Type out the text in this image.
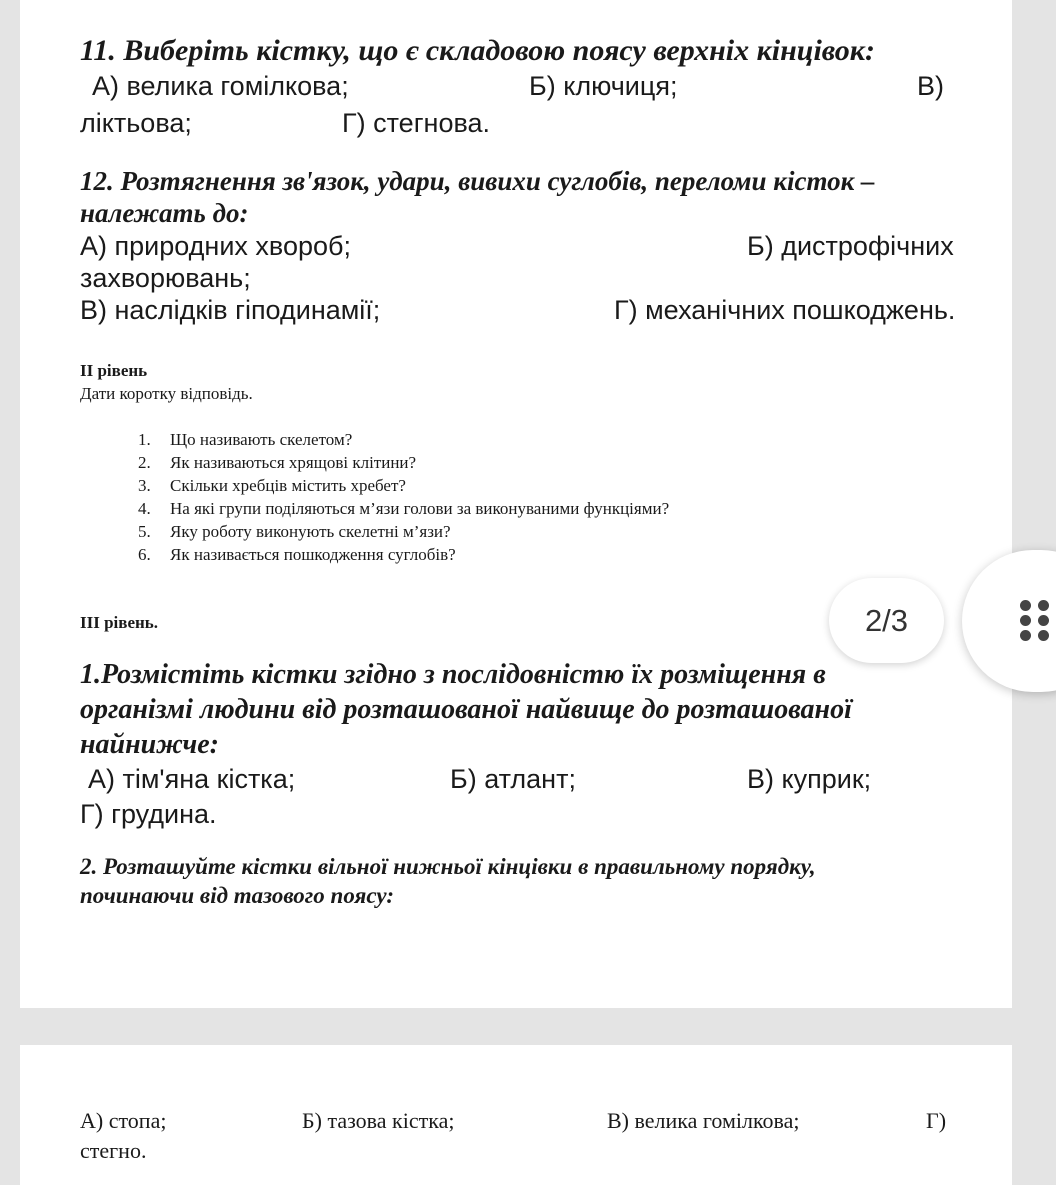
11. Виберіть кістку, що є складовою поясу верхніх кінцівок:
А) велика гомілкова;	Б) ключиця;	В)
ліктьова;	Г) стегнова.
12. Розтягнення зв'язок, удари, вивихи суглобів, переломи кісток –
належать до:
А) природних хвороб;	Б) дистрофічних
захворювань;
В) наслідків гіподинамії;	Г) механічних пошкоджень.
ІІ рівень
Дати коротку відповідь.
1. Що називають скелетом?
2. Як називаються хрящові клітини?
3. Скільки хребців містить хребет?
4. На які групи поділяються м’язи голови за виконуваними функціями?
5. Яку роботу виконують скелетні м’язи?
6. Як називається пошкодження суглобів?
ІІІ рівень.
1.Розмістіть кістки згідно з послідовністю їх розміщення в
організмі людини від розташованої найвище до розташованої
найнижче:
А) тім'яна кістка;	Б) атлант;	В) куприк;
Г) грудина.
2. Розташуйте кістки вільної нижньої кінцівки в правильному порядку,
починаючи від тазового поясу:
А) стопа;	Б) тазова кістка;	В) велика гомілкова;	Г)
стегно.
2/3
